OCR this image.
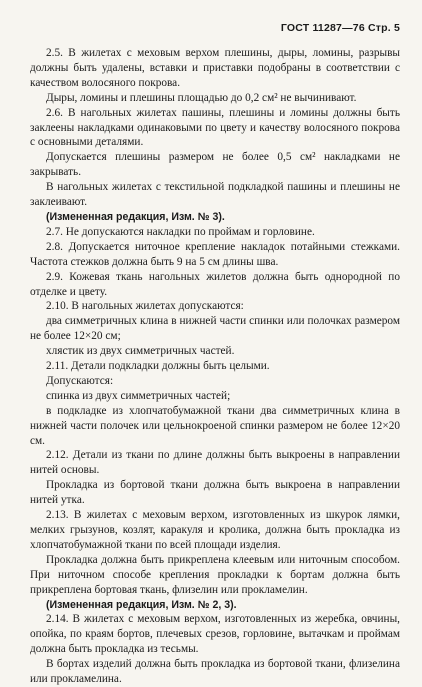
ГОСТ 11287—76 Стр. 5

2.5. В жилетах с меховым верхом плешины, дыры, ломины, разрывы должны быть удалены, вставки и приставки подобраны в соответствии с качеством волосяного покрова.

Дыры, ломины и плешины площадью до 0,2 см² не вычинивают.

2.6. В нагольных жилетах пашины, плешины и ломины должны быть заклеены накладками одинаковыми по цвету и качеству волосяного покрова с основными деталями.

Допускается плешины размером не более 0,5 см² накладками не закрывать.

В нагольных жилетах с текстильной подкладкой пашины и плешины не заклеивают.

(Измененная редакция, Изм. № 3).

2.7. Не допускаются накладки по проймам и горловине.

2.8. Допускается ниточное крепление накладок потайными стежками. Частота стежков должна быть 9 на 5 см длины шва.

2.9. Кожевая ткань нагольных жилетов должна быть однородной по отделке и цвету.

2.10. В нагольных жилетах допускаются:

два симметричных клина в нижней части спинки или полочках размером не более 12×20 см;

хлястик из двух симметричных частей.

2.11. Детали подкладки должны быть целыми.

Допускаются:

спинка из двух симметричных частей;

в подкладке из хлопчатобумажной ткани два симметричных клина в нижней части полочек или цельнокроеной спинки размером не более 12×20 см.

2.12. Детали из ткани по длине должны быть выкроены в направлении нитей основы.

Прокладка из бортовой ткани должна быть выкроена в направлении нитей утка.

2.13. В жилетах с меховым верхом, изготовленных из шкурок лямки, мелких грызунов, козлят, каракуля и кролика, должна быть прокладка из хлопчатобумажной ткани по всей площади изделия.

Прокладка должна быть прикреплена клеевым или ниточным способом. При ниточном способе крепления прокладки к бортам должна быть прикреплена бортовая ткань, флизелин или прокламелин.

(Измененная редакция, Изм. № 2, 3).

2.14. В жилетах с меховым верхом, изготовленных из жеребка, овчины, опойка, по краям бортов, плечевых срезов, горловине, вытачкам и проймам должна быть прокладка из тесьмы.

В бортах изделий должна быть прокладка из бортовой ткани, флизелина или прокламелина.
